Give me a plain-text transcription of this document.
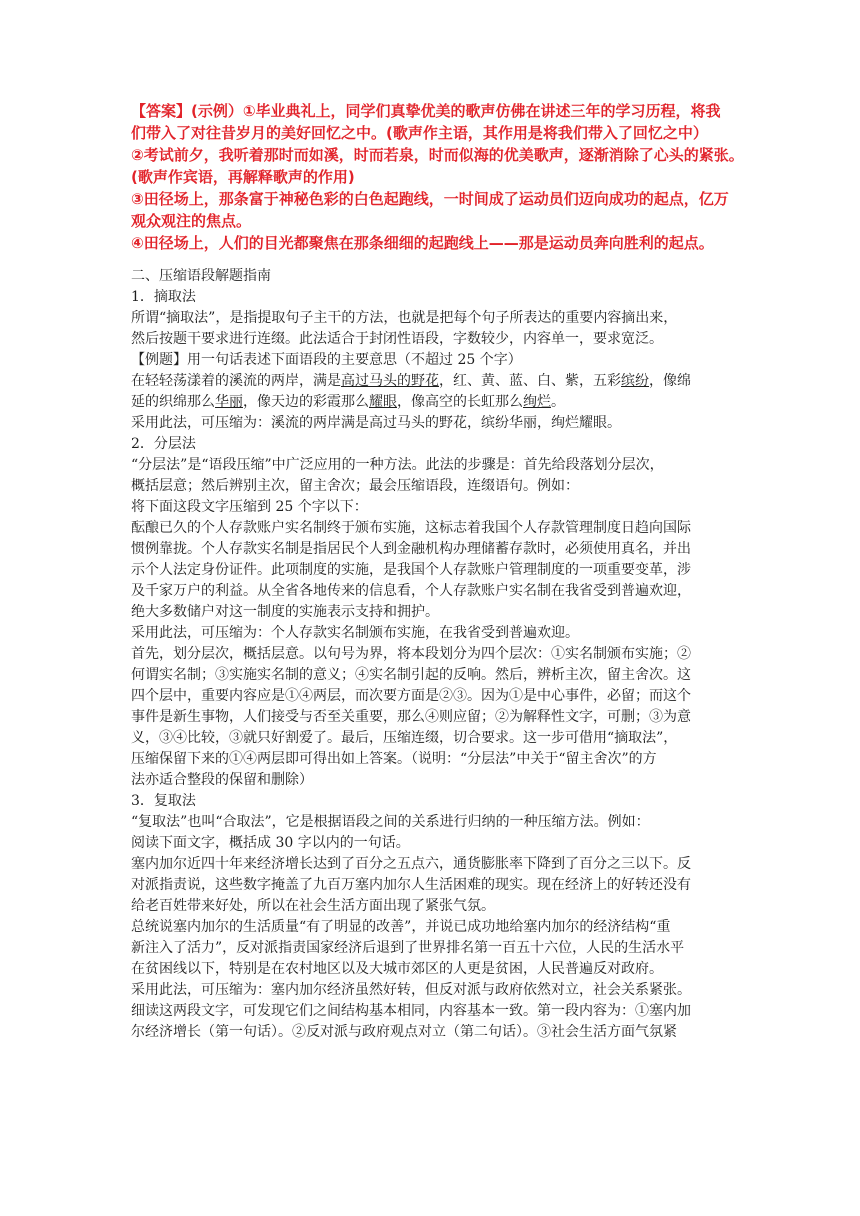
【答案】(示例）①毕业典礼上，同学们真挚优美的歌声仿佛在讲述三年的学习历程，将我

们带入了对往昔岁月的美好回忆之中。(歌声作主语，其作用是将我们带入了回忆之中）

②考试前夕，我听着那时而如溪，时而若泉，时而似海的优美歌声，逐渐消除了心头的紧张。

(歌声作宾语，再解释歌声的作用)

③田径场上，那条富于神秘色彩的白色起跑线，一时间成了运动员们迈向成功的起点，亿万

观众观注的焦点。

④田径场上，人们的目光都聚焦在那条细细的起跑线上——那是运动员奔向胜利的起点。

二、压缩语段解题指南

1．摘取法

所谓“摘取法”，是指提取句子主干的方法，也就是把每个句子所表达的重要内容摘出来，

然后按题干要求进行连缀。此法适合于封闭性语段，字数较少，内容单一，要求宽泛。

【例题】用一句话表述下面语段的主要意思（不超过 25 个字）

在轻轻荡漾着的溪流的两岸，满是高过马头的野花，红、黄、蓝、白、紫，五彩缤纷，像绵

延的织绵那么华丽，像天边的彩霞那么耀眼，像高空的长虹那么绚烂。

采用此法，可压缩为：溪流的两岸满是高过马头的野花，缤纷华丽，绚烂耀眼。

2．分层法

“分层法”是“语段压缩”中广泛应用的一种方法。此法的步骤是：首先给段落划分层次，

概括层意；然后辨别主次，留主舍次；最会压缩语段，连缀语句。例如：

将下面这段文字压缩到 25 个字以下：

酝酿已久的个人存款账户实名制终于颁布实施，这标志着我国个人存款管理制度日趋向国际

惯例靠拢。个人存款实名制是指居民个人到金融机构办理储蓄存款时，必须使用真名，并出

示个人法定身份证件。此项制度的实施，是我国个人存款账户管理制度的一项重要变革，涉

及千家万户的利益。从全省各地传来的信息看，个人存款账户实名制在我省受到普遍欢迎，

绝大多数储户对这一制度的实施表示支持和拥护。

采用此法，可压缩为：个人存款实名制颁布实施，在我省受到普遍欢迎。

首先，划分层次，概括层意。以句号为界，将本段划分为四个层次：①实名制颁布实施；②

何谓实名制；③实施实名制的意义；④实名制引起的反响。然后，辨析主次，留主舍次。这

四个层中，重要内容应是①④两层，而次要方面是②③。因为①是中心事件，必留；而这个

事件是新生事物，人们接受与否至关重要，那么④则应留；②为解释性文字，可删；③为意

义，③④比较，③就只好割爱了。最后，压缩连缀，切合要求。这一步可借用“摘取法”，

压缩保留下来的①④两层即可得出如上答案。（说明：“分层法”中关于“留主舍次”的方

法亦适合整段的保留和删除）

3．复取法

“复取法”也叫“合取法”，它是根据语段之间的关系进行归纳的一种压缩方法。例如：

阅读下面文字，概括成 30 字以内的一句话。

塞内加尔近四十年来经济增长达到了百分之五点六，通货膨胀率下降到了百分之三以下。反

对派指责说，这些数字掩盖了九百万塞内加尔人生活困难的现实。现在经济上的好转还没有

给老百姓带来好处，所以在社会生活方面出现了紧张气氛。

总统说塞内加尔的生活质量“有了明显的改善”，并说已成功地给塞内加尔的经济结构“重

新注入了活力”，反对派指责国家经济后退到了世界排名第一百五十六位，人民的生活水平

在贫困线以下，特别是在农村地区以及大城市郊区的人更是贫困，人民普遍反对政府。

采用此法，可压缩为：塞内加尔经济虽然好转，但反对派与政府依然对立，社会关系紧张。

细读这两段文字，可发现它们之间结构基本相同，内容基本一致。第一段内容为：①塞内加

尔经济增长（第一句话）。②反对派与政府观点对立（第二句话）。③社会生活方面气氛紧
